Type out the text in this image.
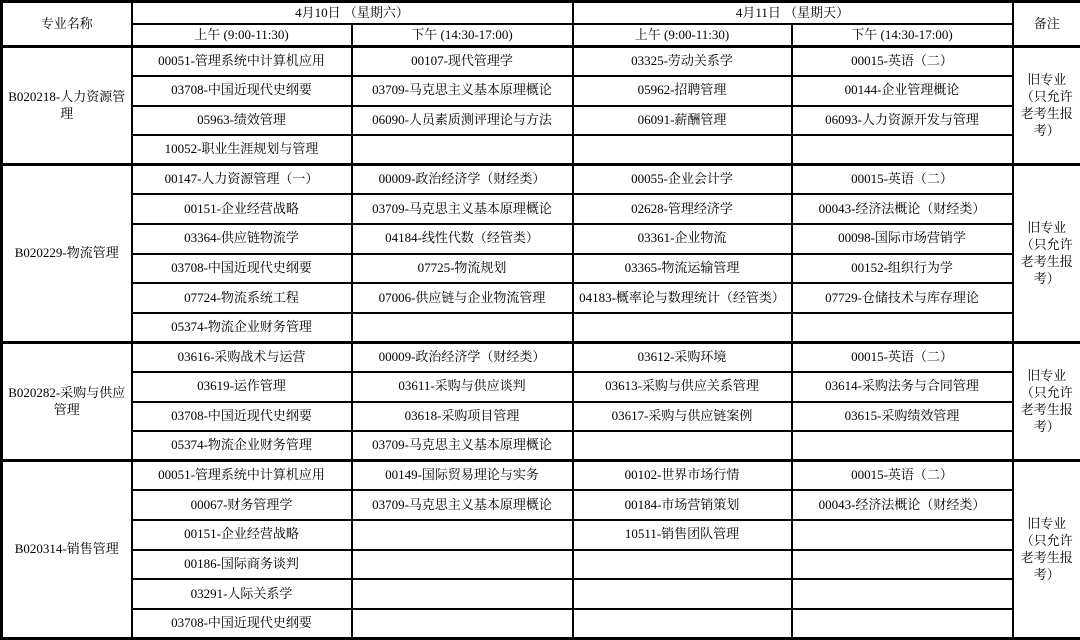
专业名称	4月10日 （星期六）		4月11日 （星期天）		备注
	上午 (9:00-11:30)	下午 (14:30-17:00)	上午 (9:00-11:30)	下午 (14:30-17:00)	
B020218-人力资源管理	00051-管理系统中计算机应用	00107-现代管理学	03325-劳动关系学	00015-英语（二）	旧专业（只允许老考生报考）
	03708-中国近现代史纲要	03709-马克思主义基本原理概论	05962-招聘管理	00144-企业管理概论	
	05963-绩效管理	06090-人员素质测评理论与方法	06091-薪酬管理	06093-人力资源开发与管理	
	10052-职业生涯规划与管理				
B020229-物流管理	00147-人力资源管理（一）	00009-政治经济学（财经类）	00055-企业会计学	00015-英语（二）	旧专业（只允许老考生报考）
	00151-企业经营战略	03709-马克思主义基本原理概论	02628-管理经济学	00043-经济法概论（财经类）	
	03364-供应链物流学	04184-线性代数（经管类）	03361-企业物流	00098-国际市场营销学	
	03708-中国近现代史纲要	07725-物流规划	03365-物流运输管理	00152-组织行为学	
	07724-物流系统工程	07006-供应链与企业物流管理	04183-概率论与数理统计（经管类）	07729-仓储技术与库存理论	
	05374-物流企业财务管理				
B020282-采购与供应管理	03616-采购战术与运营	00009-政治经济学（财经类）	03612-采购环境	00015-英语（二）	旧专业（只允许老考生报考）
	03619-运作管理	03611-采购与供应谈判	03613-采购与供应关系管理	03614-采购法务与合同管理	
	03708-中国近现代史纲要	03618-采购项目管理	03617-采购与供应链案例	03615-采购绩效管理	
	05374-物流企业财务管理	03709-马克思主义基本原理概论			
B020314-销售管理	00051-管理系统中计算机应用	00149-国际贸易理论与实务	00102-世界市场行情	00015-英语（二）	旧专业（只允许老考生报考）
	00067-财务管理学	03709-马克思主义基本原理概论	00184-市场营销策划	00043-经济法概论（财经类）	
	00151-企业经营战略		10511-销售团队管理		
	00186-国际商务谈判				
	03291-人际关系学				
	03708-中国近现代史纲要				
